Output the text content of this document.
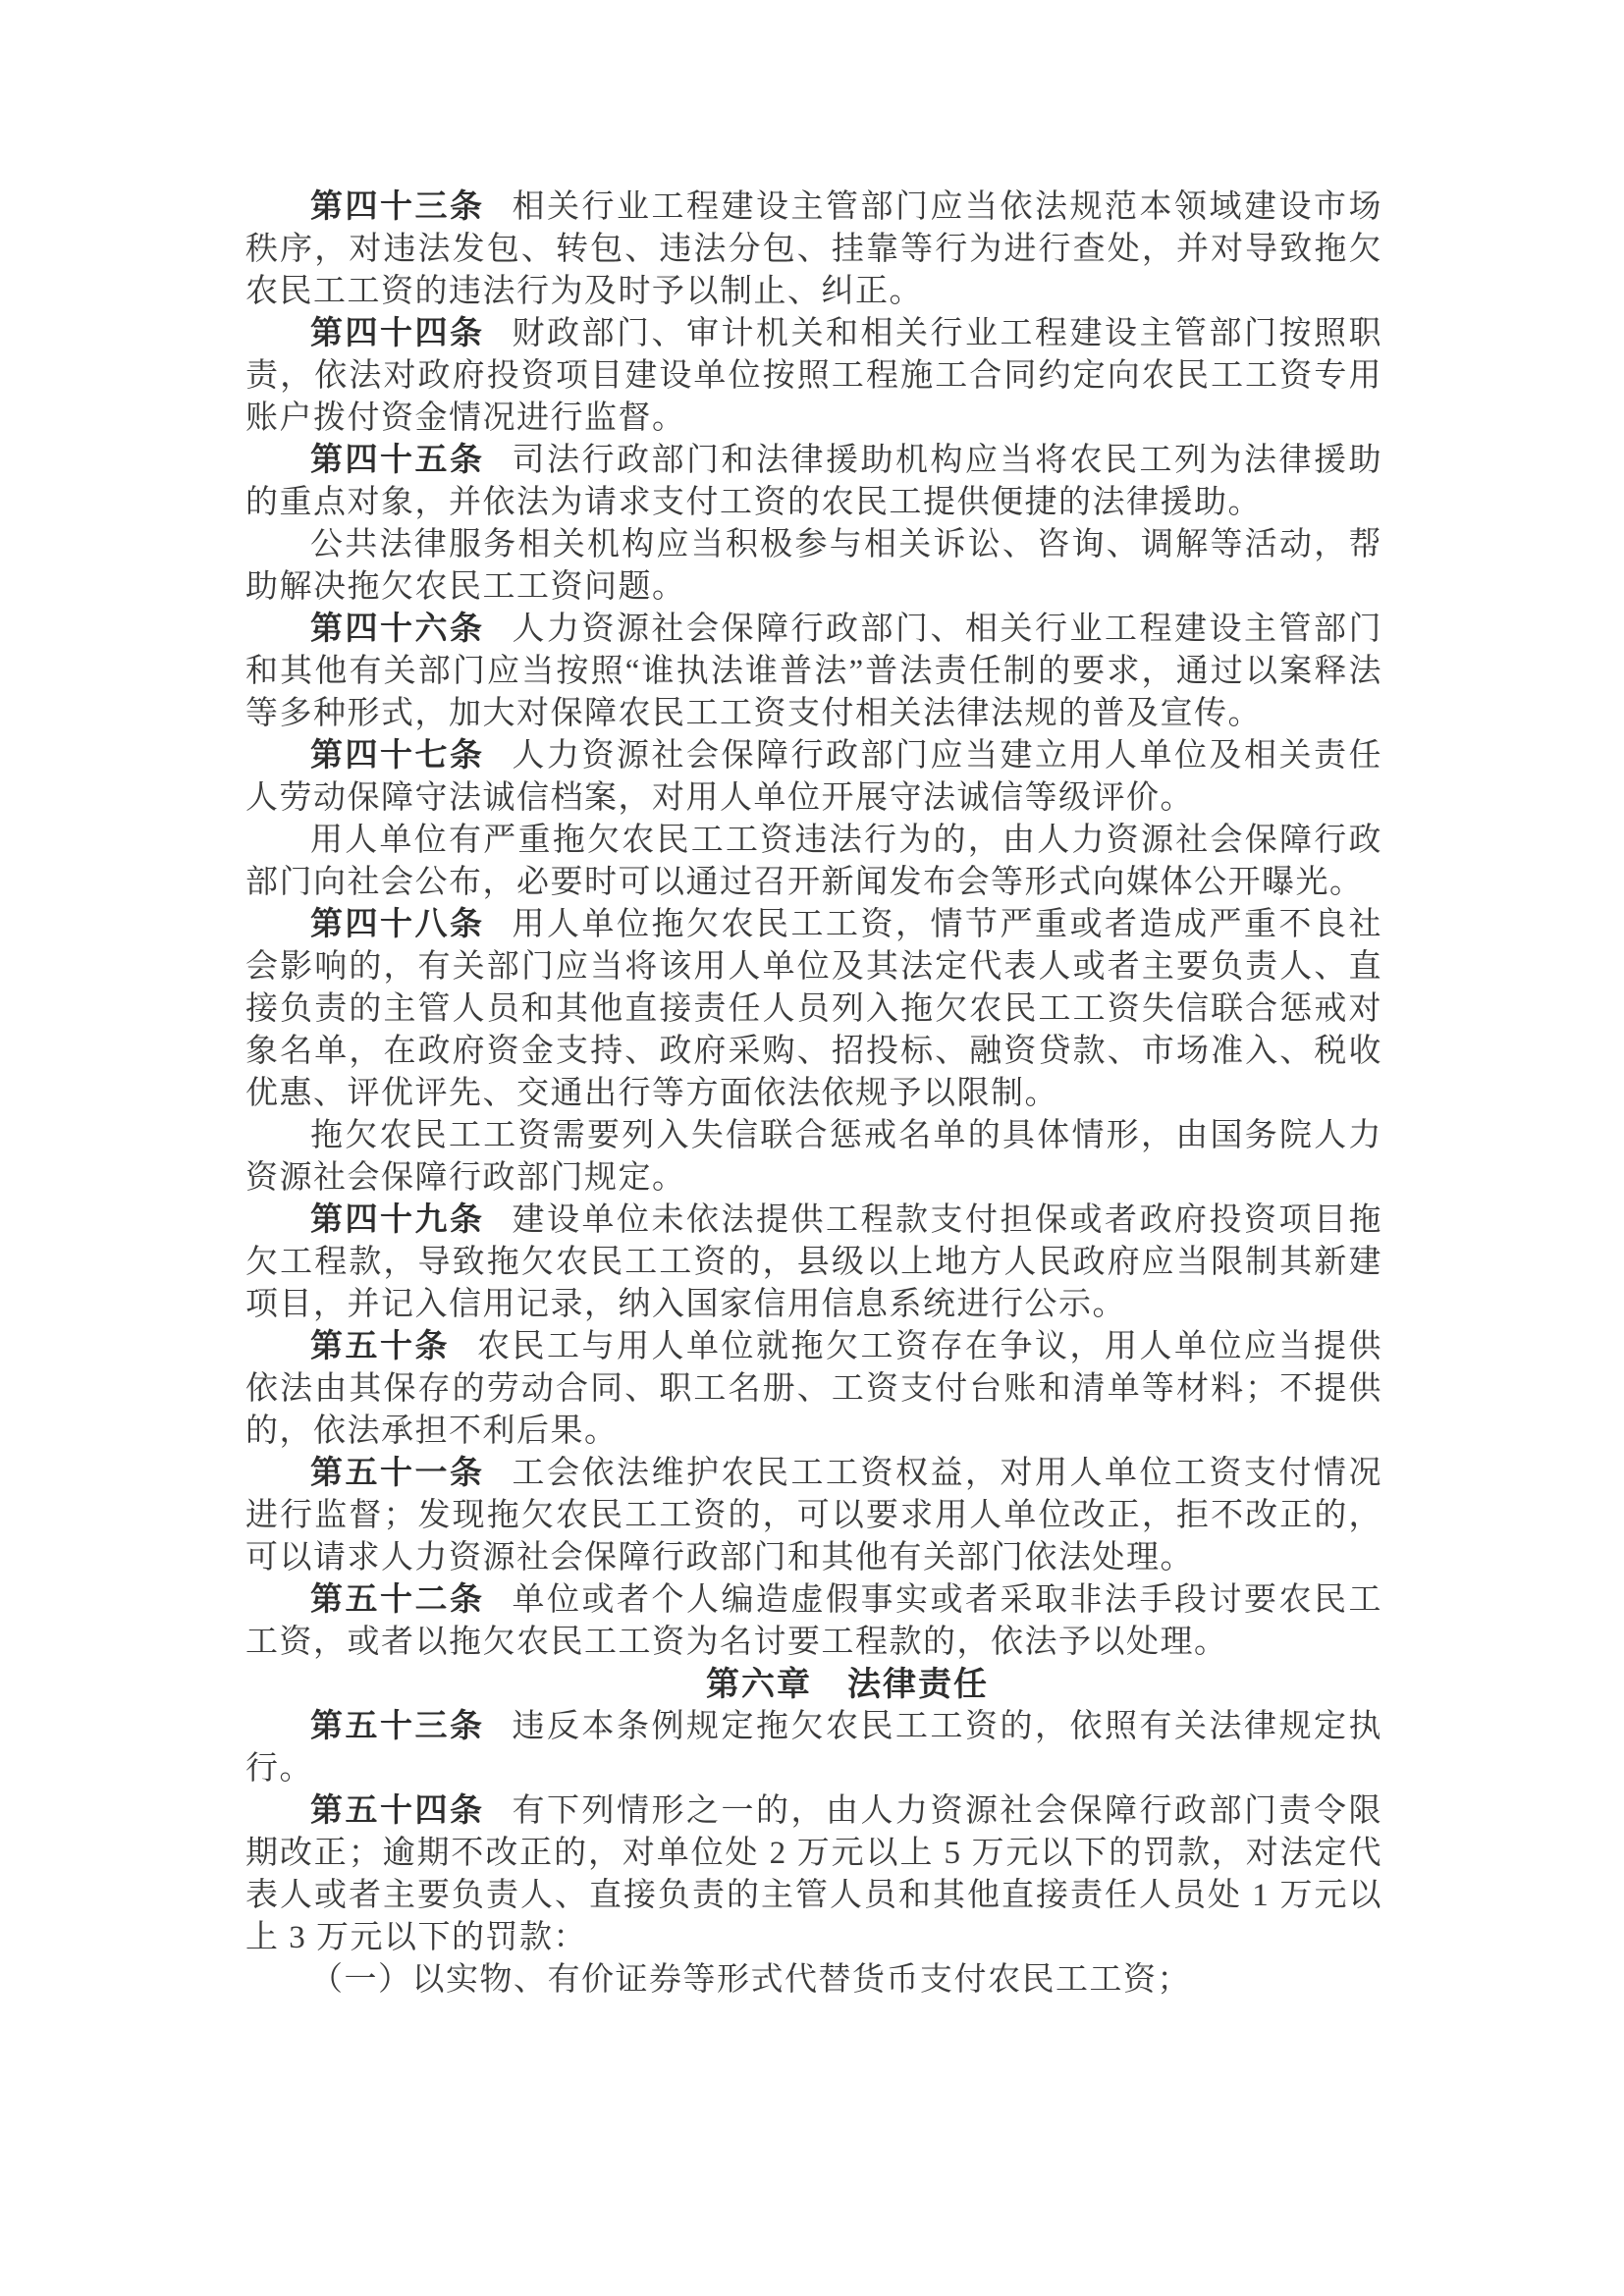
第四十三条 相关行业工程建设主管部门应当依法规范本领域建设市场秩序，对违法发包、转包、违法分包、挂靠等行为进行查处，并对导致拖欠农民工工资的违法行为及时予以制止、纠正。

第四十四条 财政部门、审计机关和相关行业工程建设主管部门按照职责，依法对政府投资项目建设单位按照工程施工合同约定向农民工工资专用账户拨付资金情况进行监督。

第四十五条 司法行政部门和法律援助机构应当将农民工列为法律援助的重点对象，并依法为请求支付工资的农民工提供便捷的法律援助。

公共法律服务相关机构应当积极参与相关诉讼、咨询、调解等活动，帮助解决拖欠农民工工资问题。

第四十六条 人力资源社会保障行政部门、相关行业工程建设主管部门和其他有关部门应当按照“谁执法谁普法”普法责任制的要求，通过以案释法等多种形式，加大对保障农民工工资支付相关法律法规的普及宣传。

第四十七条 人力资源社会保障行政部门应当建立用人单位及相关责任人劳动保障守法诚信档案，对用人单位开展守法诚信等级评价。

用人单位有严重拖欠农民工工资违法行为的，由人力资源社会保障行政部门向社会公布，必要时可以通过召开新闻发布会等形式向媒体公开曝光。

第四十八条 用人单位拖欠农民工工资，情节严重或者造成严重不良社会影响的，有关部门应当将该用人单位及其法定代表人或者主要负责人、直接负责的主管人员和其他直接责任人员列入拖欠农民工工资失信联合惩戒对象名单，在政府资金支持、政府采购、招投标、融资贷款、市场准入、税收优惠、评优评先、交通出行等方面依法依规予以限制。

拖欠农民工工资需要列入失信联合惩戒名单的具体情形，由国务院人力资源社会保障行政部门规定。

第四十九条 建设单位未依法提供工程款支付担保或者政府投资项目拖欠工程款，导致拖欠农民工工资的，县级以上地方人民政府应当限制其新建项目，并记入信用记录，纳入国家信用信息系统进行公示。

第五十条 农民工与用人单位就拖欠工资存在争议，用人单位应当提供依法由其保存的劳动合同、职工名册、工资支付台账和清单等材料；不提供的，依法承担不利后果。

第五十一条 工会依法维护农民工工资权益，对用人单位工资支付情况进行监督；发现拖欠农民工工资的，可以要求用人单位改正，拒不改正的，可以请求人力资源社会保障行政部门和其他有关部门依法处理。

第五十二条 单位或者个人编造虚假事实或者采取非法手段讨要农民工工资，或者以拖欠农民工工资为名讨要工程款的，依法予以处理。

第六章　法律责任

第五十三条 违反本条例规定拖欠农民工工资的，依照有关法律规定执行。

第五十四条 有下列情形之一的，由人力资源社会保障行政部门责令限期改正；逾期不改正的，对单位处 2 万元以上 5 万元以下的罚款，对法定代表人或者主要负责人、直接负责的主管人员和其他直接责任人员处 1 万元以上 3 万元以下的罚款：

（一）以实物、有价证券等形式代替货币支付农民工工资；
